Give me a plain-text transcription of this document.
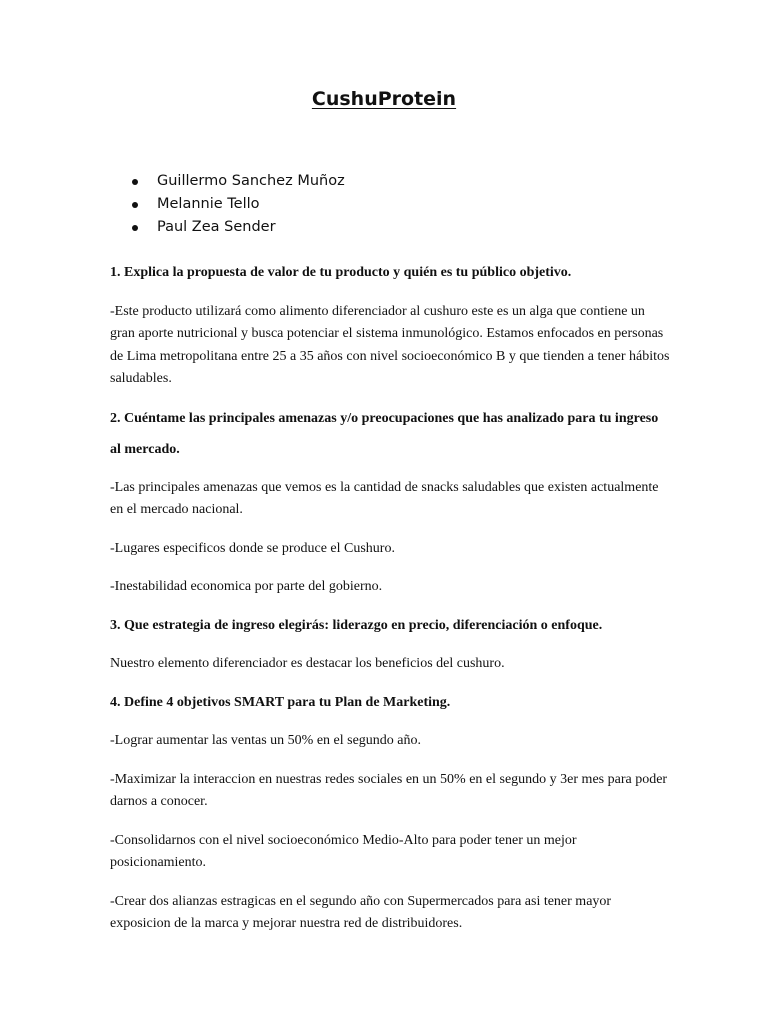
CushuProtein
Guillermo Sanchez Muñoz
Melannie Tello
Paul Zea Sender

1. Explica la propuesta de valor de tu producto y quién es tu público objetivo.

-Este producto utilizará como alimento diferenciador al cushuro este es un alga que contiene un gran aporte nutricional y busca potenciar el sistema inmunológico. Estamos enfocados en personas de Lima metropolitana entre 25 a 35 años con nivel socioeconómico B y que tienden a tener hábitos saludables.

2. Cuéntame las principales amenazas y/o preocupaciones que has analizado para tu ingreso al mercado.

-Las principales amenazas que vemos es la cantidad de snacks saludables que existen actualmente en el mercado nacional.

-Lugares especificos donde se produce el Cushuro.

-Inestabilidad economica por parte del gobierno.

3. Que estrategia de ingreso elegirás: liderazgo en precio, diferenciación o enfoque.

Nuestro elemento diferenciador es destacar los beneficios del cushuro.

4. Define 4 objetivos SMART para tu Plan de Marketing.

-Lograr aumentar las ventas un 50% en el segundo año.

-Maximizar la interaccion en nuestras redes sociales en un 50% en el segundo y 3er mes para poder darnos a conocer.

-Consolidarnos con el nivel socioeconómico Medio-Alto para poder tener un mejor posicionamiento.

-Crear dos alianzas estragicas en el segundo año con Supermercados para asi tener mayor exposicion de la marca y mejorar nuestra red de distribuidores.
